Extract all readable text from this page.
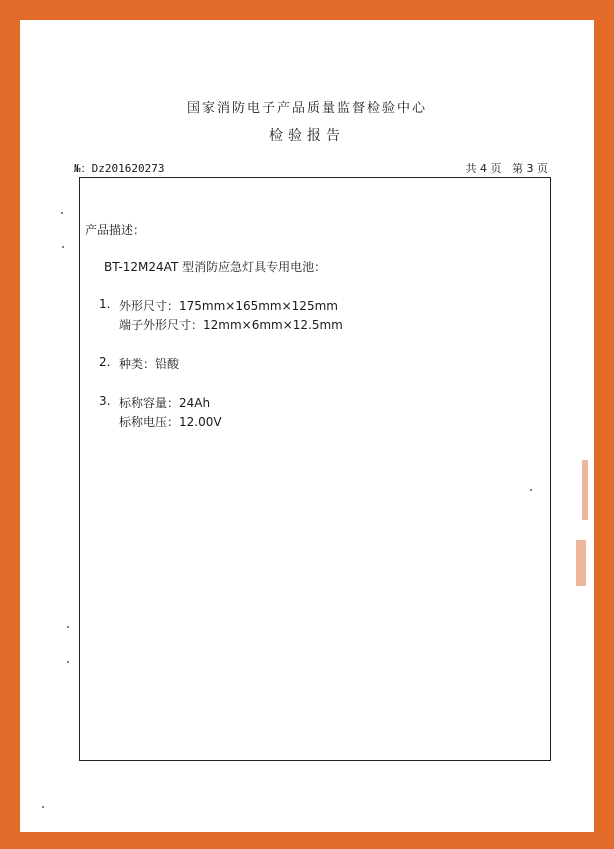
国家消防电子产品质量监督检验中心
检验报告
№：Dz201620273	共 4 页   第 3 页
产品描述：
BT-12M24AT 型消防应急灯具专用电池：
1. 外形尺寸：175mm×165mm×125mm
端子外形尺寸：12mm×6mm×12.5mm
2. 种类：铅酸
3. 标称容量：24Ah
标称电压：12.00V
